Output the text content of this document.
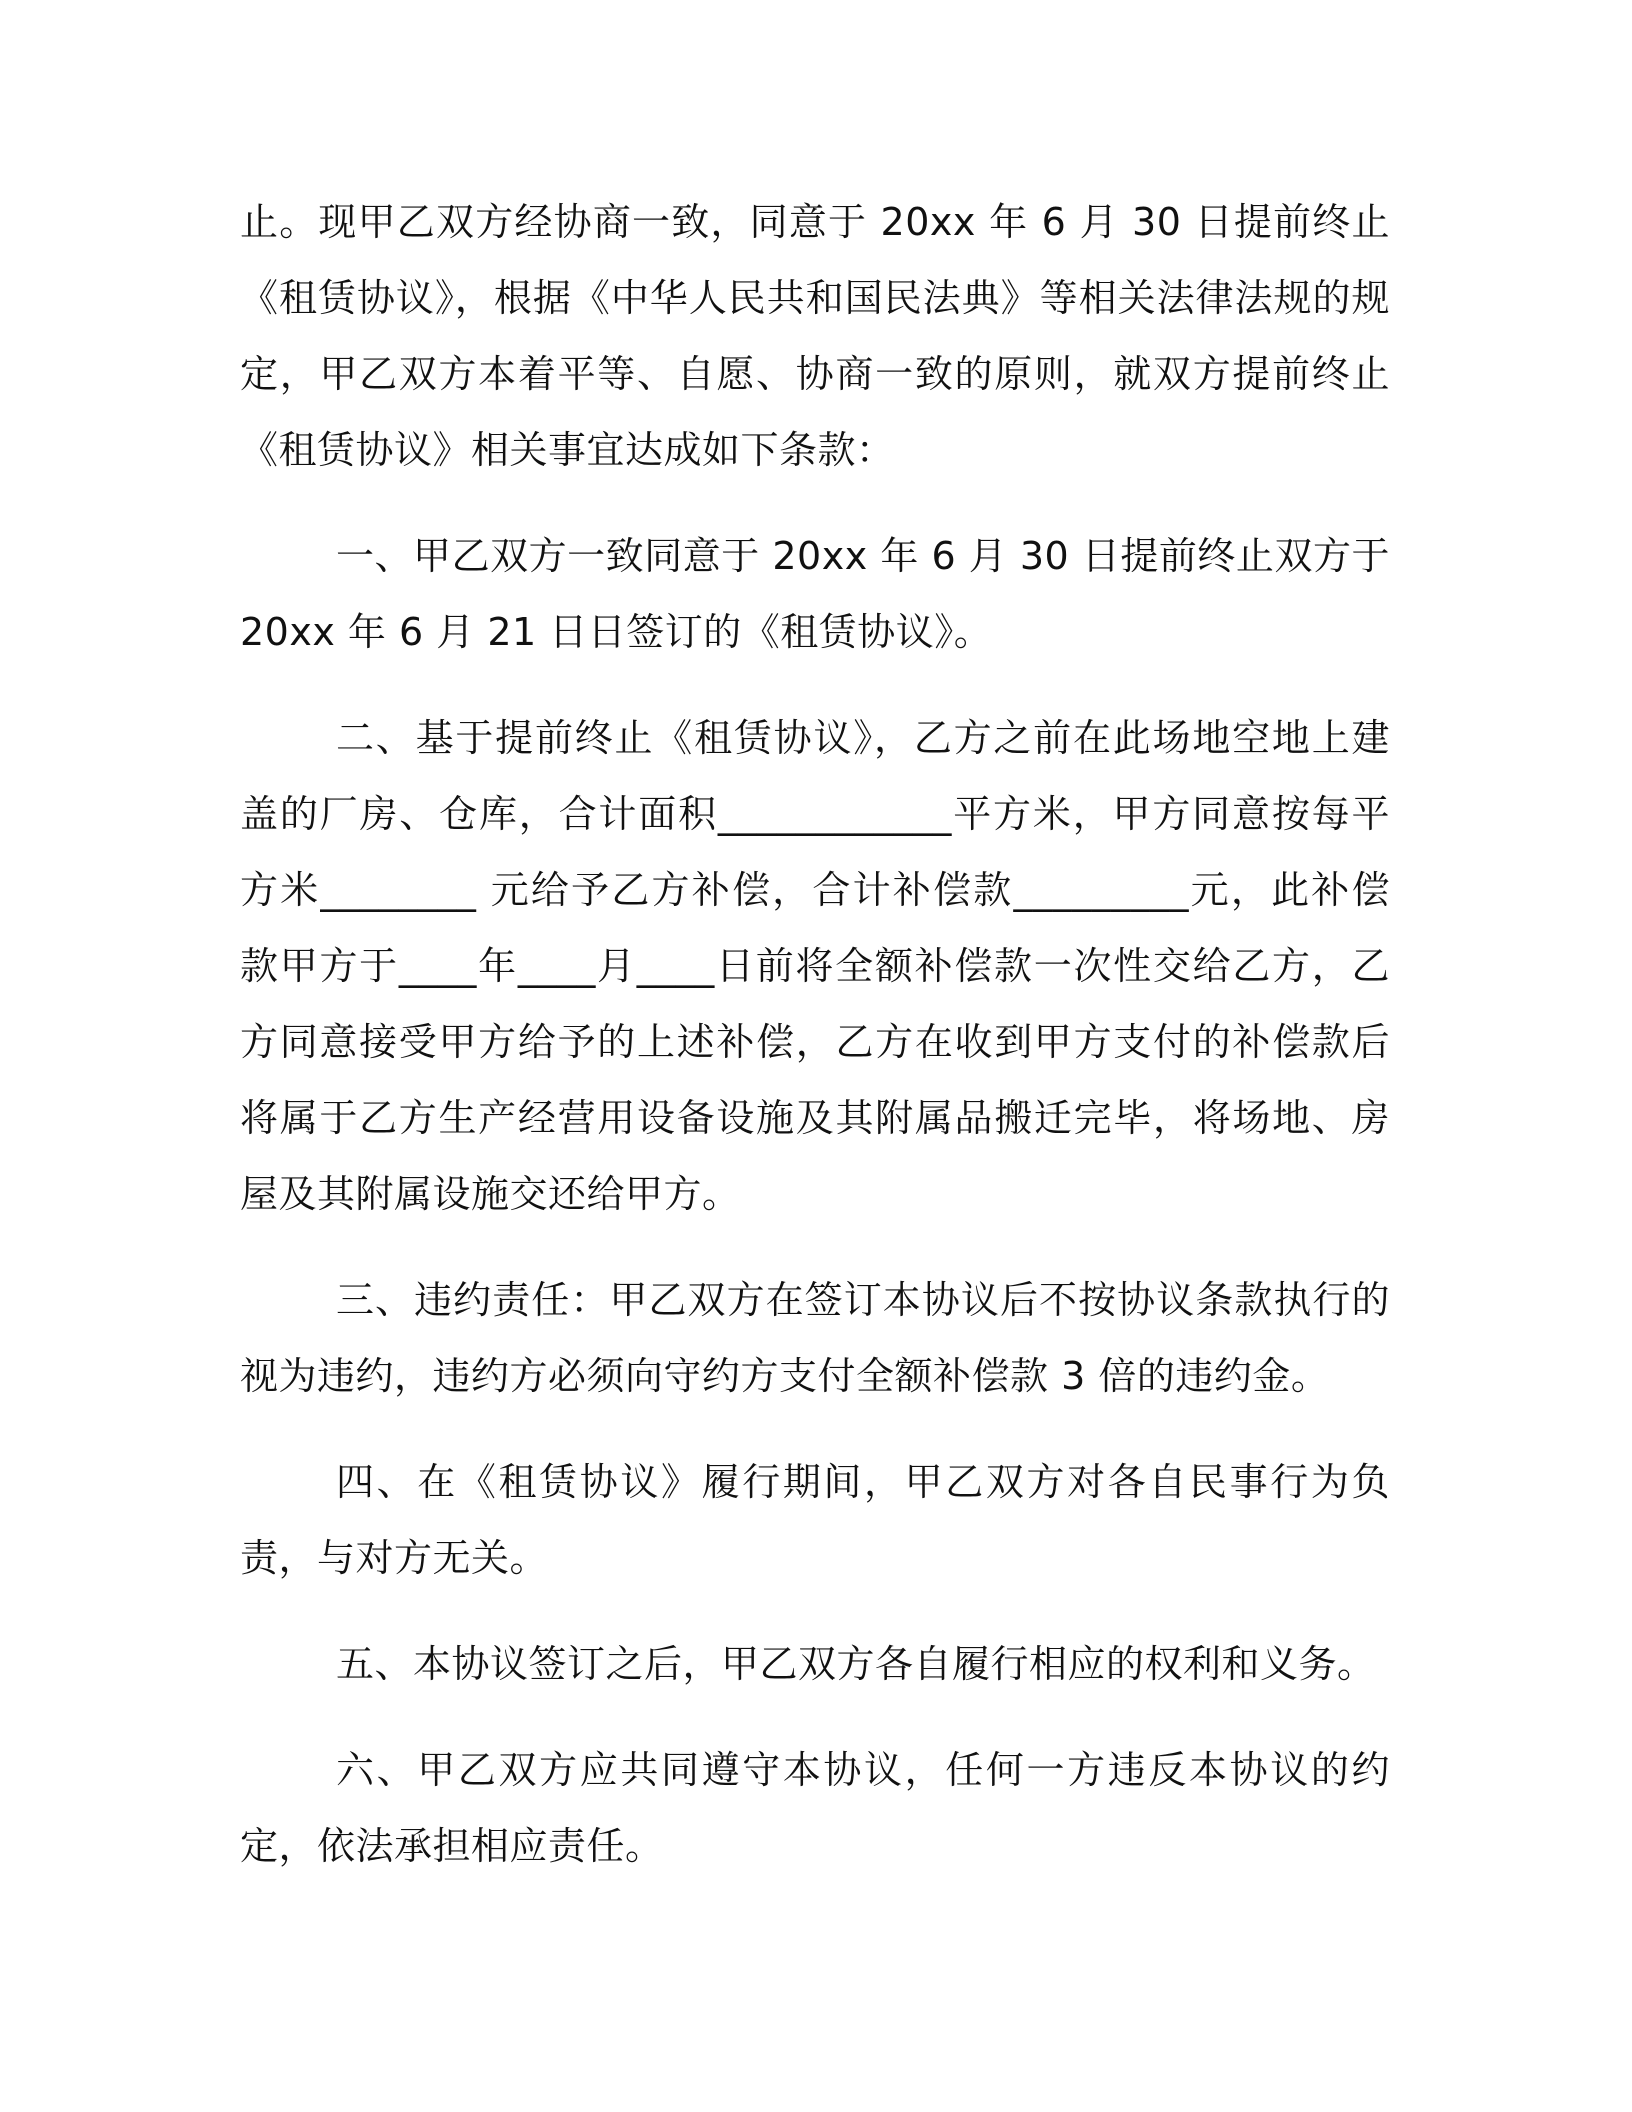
止。现甲乙双方经协商一致，同意于 20xx 年 6 月 30 日提前终止《租赁协议》，根据《中华人民共和国民法典》等相关法律法规的规定，甲乙双方本着平等、自愿、协商一致的原则，就双方提前终止《租赁协议》相关事宜达成如下条款：

一、甲乙双方一致同意于 20xx 年 6 月 30 日提前终止双方于 20xx 年 6 月 21 日日签订的《租赁协议》。

二、基于提前终止《租赁协议》，乙方之前在此场地空地上建盖的厂房、仓库，合计面积____________平方米，甲方同意按每平方米________ 元给予乙方补偿，合计补偿款_________元，此补偿款甲方于____年____月____日前将全额补偿款一次性交给乙方，乙方同意接受甲方给予的上述补偿，乙方在收到甲方支付的补偿款后将属于乙方生产经营用设备设施及其附属品搬迁完毕，将场地、房屋及其附属设施交还给甲方。

三、违约责任：甲乙双方在签订本协议后不按协议条款执行的视为违约，违约方必须向守约方支付全额补偿款 3 倍的违约金。

四、在《租赁协议》履行期间，甲乙双方对各自民事行为负责，与对方无关。

五、本协议签订之后，甲乙双方各自履行相应的权利和义务。

六、甲乙双方应共同遵守本协议，任何一方违反本协议的约定，依法承担相应责任。
